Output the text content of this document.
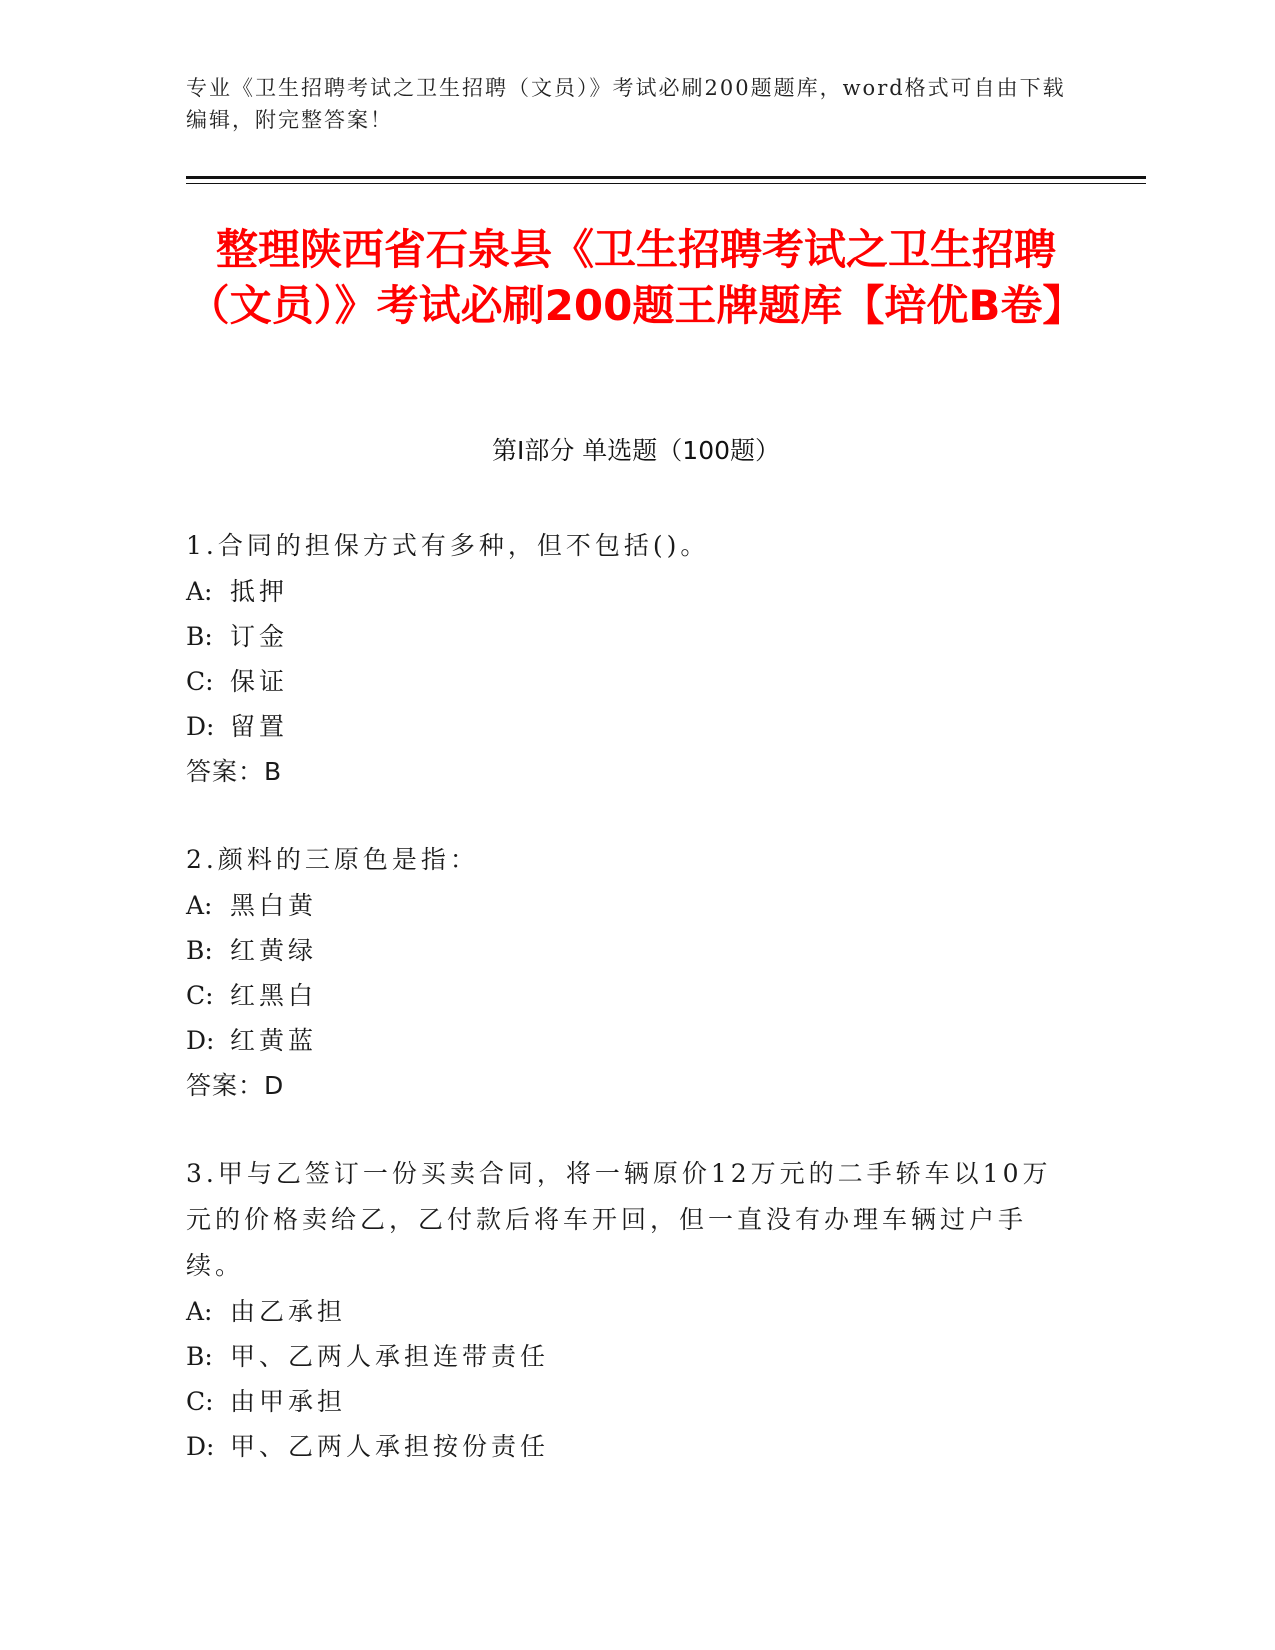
专业《卫生招聘考试之卫生招聘（文员）》考试必刷200题题库，word格式可自由下载编辑，附完整答案！
整理陕西省石泉县《卫生招聘考试之卫生招聘（文员）》考试必刷200题王牌题库【培优B卷】
第I部分 单选题（100题）
1.合同的担保方式有多种，但不包括()。
A: 抵押
B: 订金
C: 保证
D: 留置
答案：B
2.颜料的三原色是指：
A: 黑白黄
B: 红黄绿
C: 红黑白
D: 红黄蓝
答案：D
3.甲与乙签订一份买卖合同，将一辆原价12万元的二手轿车以10万元的价格卖给乙，乙付款后将车开回，但一直没有办理车辆过户手续。
A: 由乙承担
B: 甲、乙两人承担连带责任
C: 由甲承担
D: 甲、乙两人承担按份责任
